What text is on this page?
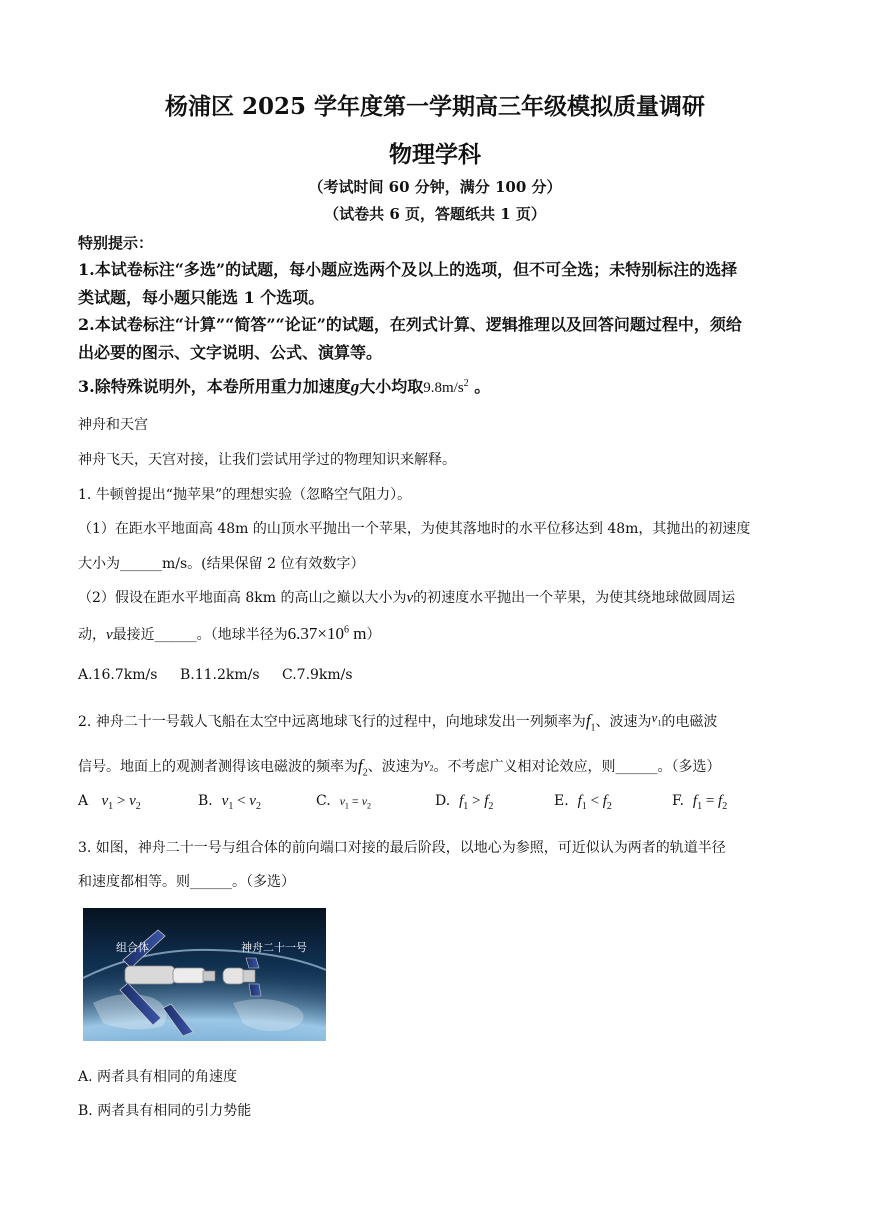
杨浦区 2025 学年度第一学期高三年级模拟质量调研
物理学科
（考试时间 60 分钟，满分 100 分）
（试卷共 6 页，答题纸共 1 页）
特别提示：
1.本试卷标注“多选”的试题，每小题应选两个及以上的选项，但不可全选；未特别标注的选择
类试题，每小题只能选 1 个选项。
2.本试卷标注“计算”“简答”“论证”的试题，在列式计算、逻辑推理以及回答问题过程中，须给
出必要的图示、文字说明、公式、演算等。
3.除特殊说明外，本卷所用重力加速度g大小均取$9.8m/s^2$ 。
神舟和天宫
神舟飞天，天宫对接，让我们尝试用学过的物理知识来解释。
1. 牛顿曾提出“抛苹果”的理想实验（忽略空气阻力）。
（1）在距水平地面高 48m 的山顶水平抛出一个苹果，为使其落地时的水平位移达到 48m，其抛出的初速度
大小为______m/s。(结果保留 2 位有效数字）
（2）假设在距水平地面高 8km 的高山之巅以大小为v的初速度水平抛出一个苹果，为使其绕地球做圆周运
动，v最接近______。（地球半径为$6.37\times 10^6$ m）
A.16.7km/s B.11.2km/s C.7.9km/s
2. 神舟二十一号载人飞船在太空中远离地球飞行的过程中，向地球发出一列频率为$f_1$、波速为$v_1$的电磁波
信号。地面上的观测者测得该电磁波的频率为$f_2$、波速为$v_2$。不考虑广义相对论效应，则______。（多选）
A $v_1 > v_2$	B. $v_1 < v_2$	C. $v_1 = v_2$	D. $f_1 > f_2$	E. $f_1 < f_2$	F. $f_1 = f_2$
3. 如图，神舟二十一号与组合体的前向端口对接的最后阶段，以地心为参照，可近似认为两者的轨道半径
和速度都相等。则______。（多选）
组合体	神舟二十一号
A. 两者具有相同的角速度
B. 两者具有相同的引力势能
